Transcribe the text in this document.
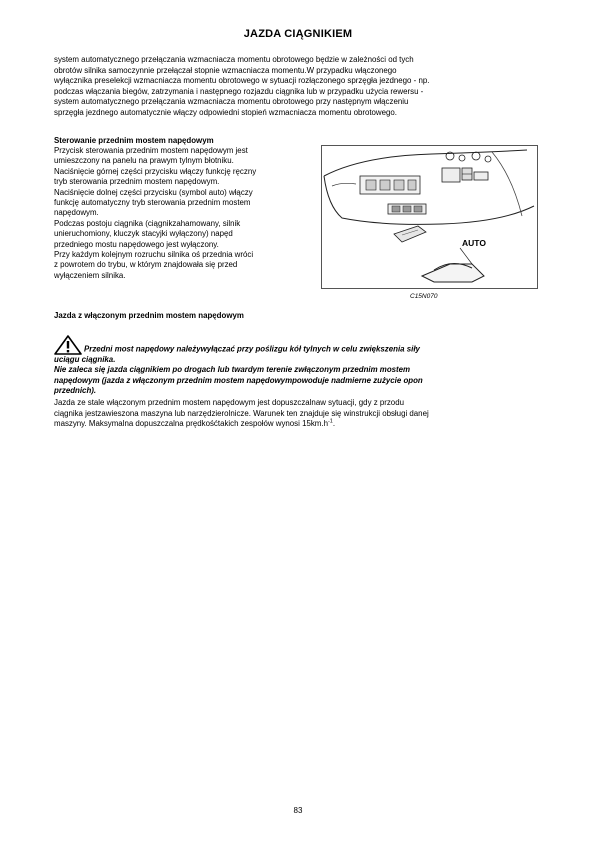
JAZDA CIĄGNIKIEM
system automatycznego przełączania wzmacniacza momentu obrotowego będzie w zależności od tych
obrotów silnika samoczynnie przełączał stopnie wzmacniacza momentu.W przypadku włączonego
wyłącznika preselekcji wzmacniacza momentu obrotowego w sytuacji rozłączonego sprzęgła jezdnego - np.
podczas włączania biegów, zatrzymania i następnego rozjazdu ciągnika lub w przypadku użycia rewersu -
system automatycznego przełączania wzmacniacza momentu obrotowego przy następnym włączeniu
sprzęgła jezdnego automatycznie włączy odpowiedni stopień wzmacniacza momentu obrotowego.
Sterowanie przednim mostem napędowym
Przycisk sterowania przednim mostem napędowym jest
umieszczony na panelu na prawym tylnym błotniku.
Naciśnięcie górnej części przycisku włączy funkcję ręczny
tryb sterowania przednim mostem napędowym.
Naciśnięcie dolnej części przycisku (symbol auto) włączy
funkcję automatyczny tryb sterowania przednim mostem
napędowym.
Podczas postoju ciągnika (ciągnikzahamowany, silnik
unieruchomiony, kluczyk stacyjki wyłączony) napęd
przedniego mostu napędowego jest wyłączony.
Przy każdym kolejnym rozruchu silnika oś przednia wróci
z powrotem do trybu, w którym znajdowała się przed
wyłączeniem silnika.
AUTO
C15N070
Jazda z włączonym przednim mostem napędowym
Przedni most napędowy należywyłączać przy poślizgu kół tylnych w celu zwiększenia siły
uciągu ciągnika.
Nie zaleca się jazda ciągnikiem po drogach lub twardym terenie zwłączonym przednim mostem
napędowym (jazda z włączonym przednim mostem napędowympowoduje nadmierne zużycie opon
przednich).
Jazda ze stale włączonym przednim mostem napędowym jest dopuszczalnaw sytuacji, gdy z przodu
ciągnika jestzawieszona maszyna lub narzędzierolnicze. Warunek ten znajduje się winstrukcji obsługi danej
maszyny. Maksymalna dopuszczalna prędkośćtakich zespołów wynosi $15km.h^{-1}$.
83
